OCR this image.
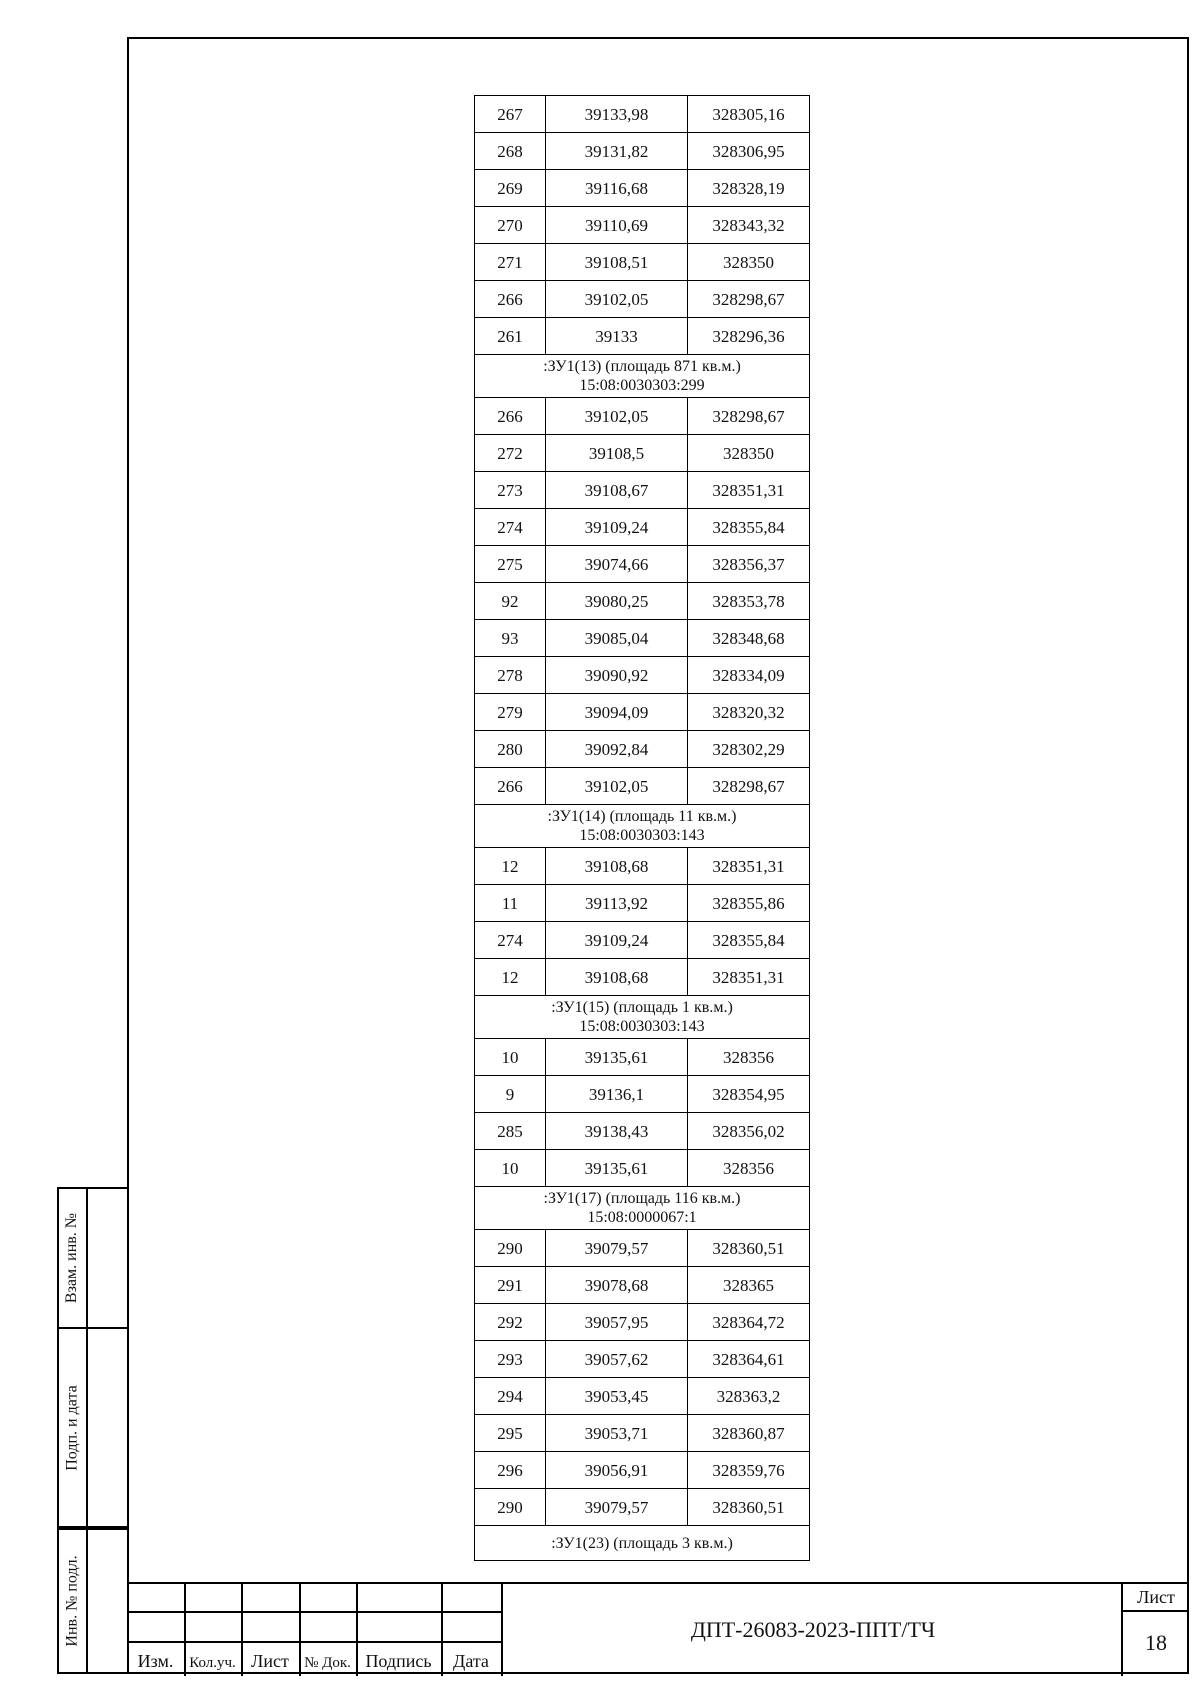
267	39133,98	328305,16
268	39131,82	328306,95
269	39116,68	328328,19
270	39110,69	328343,32
271	39108,51	328350
266	39102,05	328298,67
261	39133	328296,36

:ЗУ1(13) (площадь 871 кв.м.)
15:08:0030303:299		

266	39102,05	328298,67
272	39108,5	328350
273	39108,67	328351,31
274	39109,24	328355,84
275	39074,66	328356,37
92	39080,25	328353,78
93	39085,04	328348,68
278	39090,92	328334,09
279	39094,09	328320,32
280	39092,84	328302,29
266	39102,05	328298,67

:ЗУ1(14) (площадь 11 кв.м.)
15:08:0030303:143		

12	39108,68	328351,31
11	39113,92	328355,86
274	39109,24	328355,84
12	39108,68	328351,31

:ЗУ1(15) (площадь 1 кв.м.)
15:08:0030303:143		

10	39135,61	328356
9	39136,1	328354,95
285	39138,43	328356,02
10	39135,61	328356

:ЗУ1(17) (площадь 116 кв.м.)
15:08:0000067:1		

290	39079,57	328360,51
291	39078,68	328365
292	39057,95	328364,72
293	39057,62	328364,61
294	39053,45	328363,2
295	39053,71	328360,87
296	39056,91	328359,76
290	39079,57	328360,51

:ЗУ1(23) (площадь 3 кв.м.)		
Взам. инв. №
Подп. и дата
Инв. № подл.
Изм.	Кол.уч. Лист	№ Док. Подпись	Дата
ДПТ-26083-2023-ППТ/ТЧ
Лист
18
